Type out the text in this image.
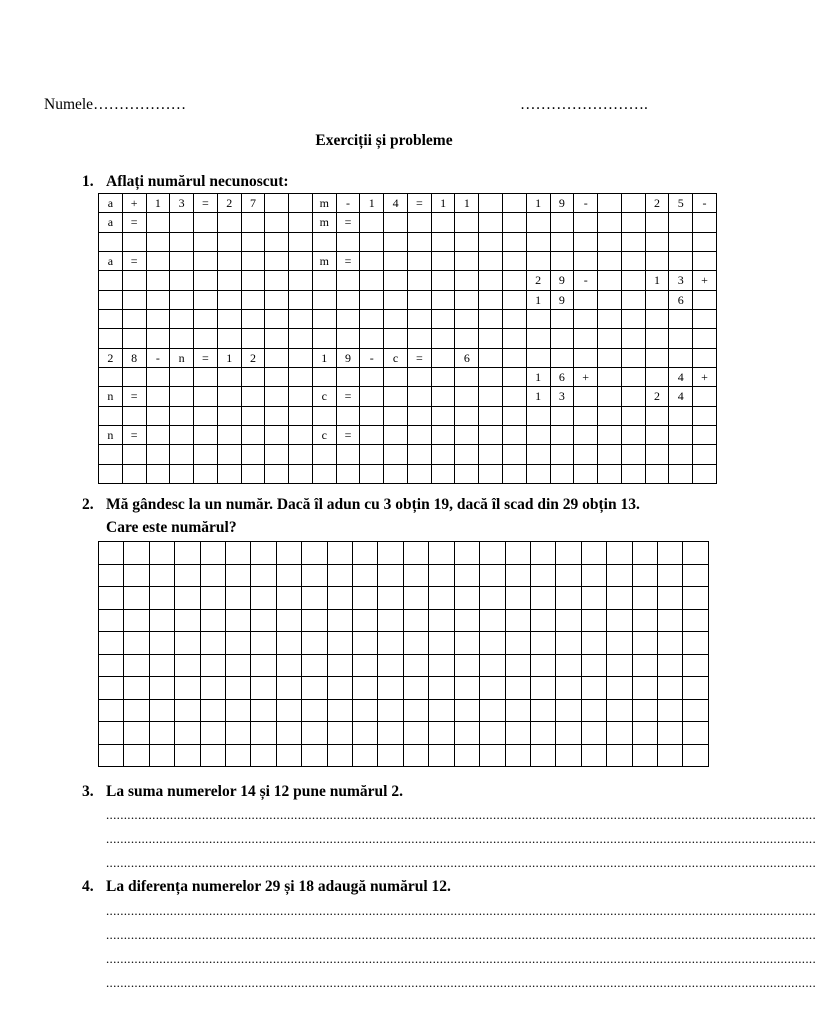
Numele………………	…………………….
Exerciții și probleme
1. Aflați numărul necunoscut:
a	+	1	3	=	2	7			m	-	1	4	=	1	1			1	9	-			2	5	-
a	=								m	=															

a	=								m	=															
																		2	9	-			1	3	+
																		1	9					6	

2	8	-	n	=	1	2			1	9	-	c	=		6										
																		1	6	+				4	+
n	=								c	=								1	3				2	4	

n	=								c	=															

2. Mă gândesc la un număr. Dacă îl adun cu 3 obțin 19, dacă îl scad din 29 obțin 13.
Care este numărul?

3. La suma numerelor 14 și 12 pune numărul 2.
........................................................................................................................................................................................................
........................................................................................................................................................................................................
........................................................................................................................................................................................................
4. La diferența numerelor 29 și 18 adaugă numărul 12.
........................................................................................................................................................................................................
........................................................................................................................................................................................................
........................................................................................................................................................................................................
........................................................................................................................................................................................................
